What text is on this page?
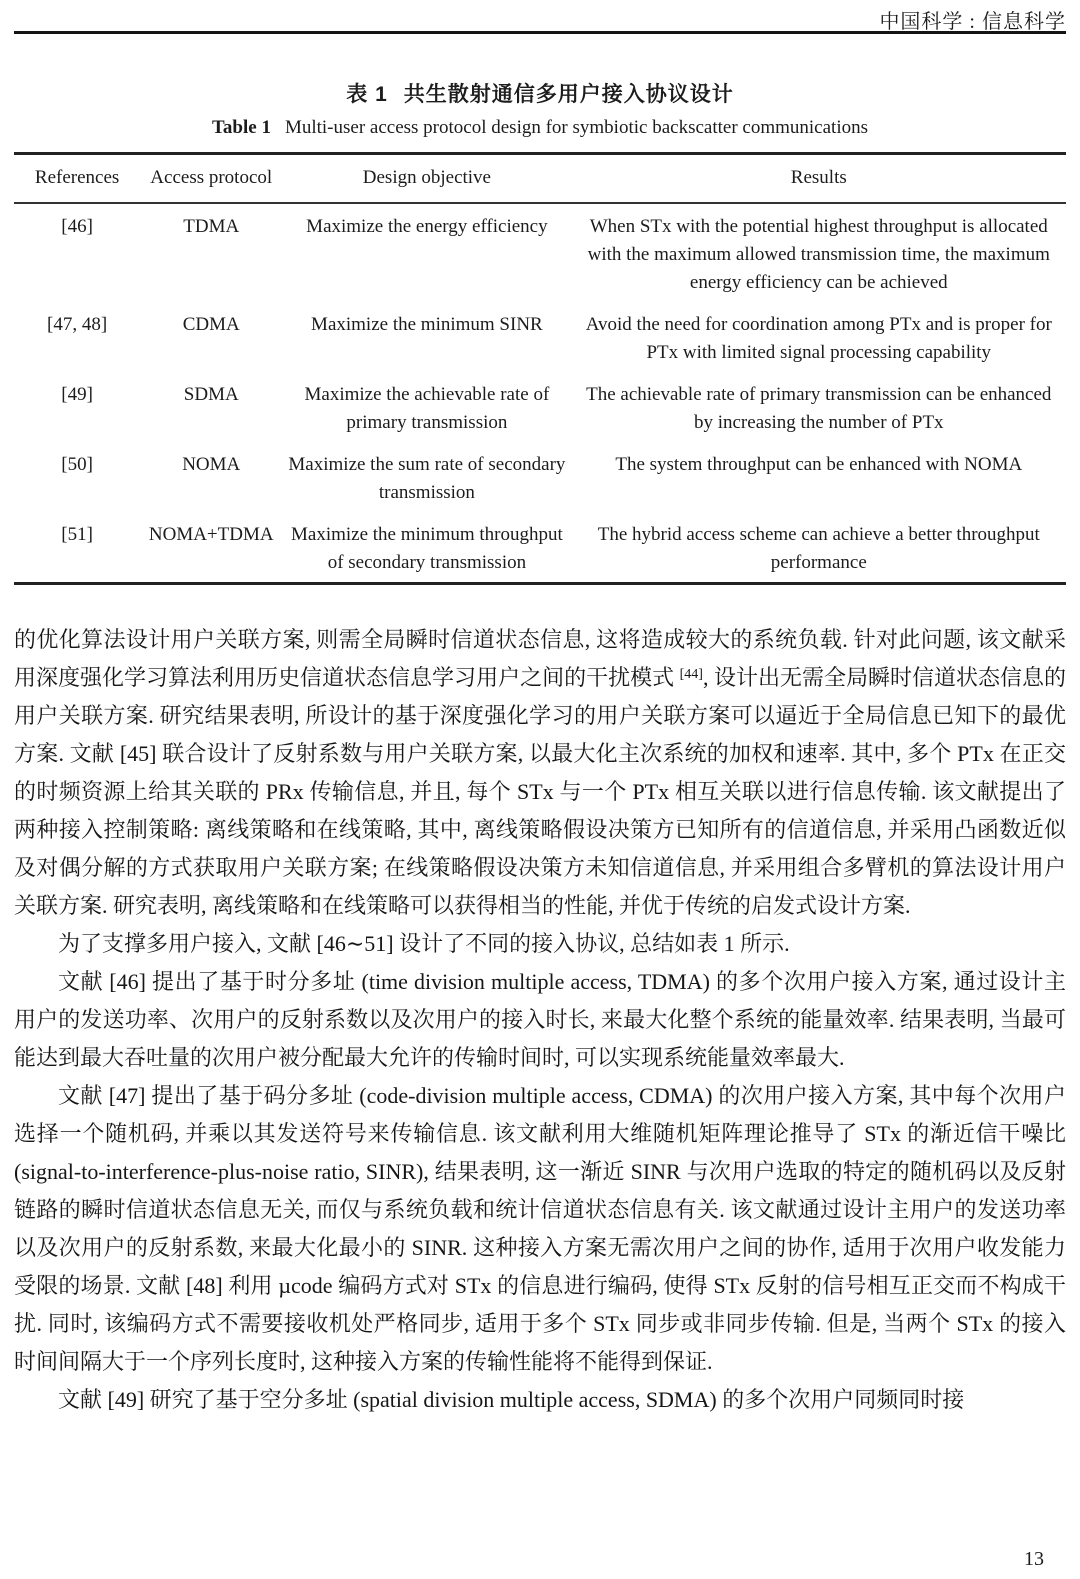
中国科学 : 信息科学
表 1 共生散射通信多用户接入协议设计
Table 1 Multi-user access protocol design for symbiotic backscatter communications
References	Access protocol	Design objective	Results
[46]	TDMA	Maximize the energy efficiency	When STx with the potential highest throughput is allocated with the maximum allowed transmission time, the maximum energy efficiency can be achieved
[47, 48]	CDMA	Maximize the minimum SINR	Avoid the need for coordination among PTx and is proper for PTx with limited signal processing capability
[49]	SDMA	Maximize the achievable rate of primary transmission	The achievable rate of primary transmission can be enhanced by increasing the number of PTx
[50]	NOMA	Maximize the sum rate of secondary transmission	The system throughput can be enhanced with NOMA
[51]	NOMA+TDMA	Maximize the minimum throughput of secondary transmission	The hybrid access scheme can achieve a better throughput performance

的优化算法设计用户关联方案, 则需全局瞬时信道状态信息, 这将造成较大的系统负载. 针对此问题, 该文献采用深度强化学习算法利用历史信道状态信息学习用户之间的干扰模式 [44], 设计出无需全局瞬时信道状态信息的用户关联方案. 研究结果表明, 所设计的基于深度强化学习的用户关联方案可以逼近于全局信息已知下的最优方案. 文献 [45] 联合设计了反射系数与用户关联方案, 以最大化主次系统的加权和速率. 其中, 多个 PTx 在正交的时频资源上给其关联的 PRx 传输信息, 并且, 每个 STx 与一个 PTx 相互关联以进行信息传输. 该文献提出了两种接入控制策略: 离线策略和在线策略, 其中, 离线策略假设决策方已知所有的信道信息, 并采用凸函数近似及对偶分解的方式获取用户关联方案; 在线策略假设决策方未知信道信息, 并采用组合多臂机的算法设计用户关联方案. 研究表明, 离线策略和在线策略可以获得相当的性能, 并优于传统的启发式设计方案.

为了支撑多用户接入, 文献 [46∼51] 设计了不同的接入协议, 总结如表 1 所示.

文献 [46] 提出了基于时分多址 (time division multiple access, TDMA) 的多个次用户接入方案, 通过设计主用户的发送功率、次用户的反射系数以及次用户的接入时长, 来最大化整个系统的能量效率. 结果表明, 当最可能达到最大吞吐量的次用户被分配最大允许的传输时间时, 可以实现系统能量效率最大.

文献 [47] 提出了基于码分多址 (code-division multiple access, CDMA) 的次用户接入方案, 其中每个次用户选择一个随机码, 并乘以其发送符号来传输信息. 该文献利用大维随机矩阵理论推导了 STx 的渐近信干噪比 (signal-to-interference-plus-noise ratio, SINR), 结果表明, 这一渐近 SINR 与次用户选取的特定的随机码以及反射链路的瞬时信道状态信息无关, 而仅与系统负载和统计信道状态信息有关. 该文献通过设计主用户的发送功率以及次用户的反射系数, 来最大化最小的 SINR. 这种接入方案无需次用户之间的协作, 适用于次用户收发能力受限的场景. 文献 [48] 利用 µcode 编码方式对 STx 的信息进行编码, 使得 STx 反射的信号相互正交而不构成干扰. 同时, 该编码方式不需要接收机处严格同步, 适用于多个 STx 同步或非同步传输. 但是, 当两个 STx 的接入时间间隔大于一个序列长度时, 这种接入方案的传输性能将不能得到保证.

文献 [49] 研究了基于空分多址 (spatial division multiple access, SDMA) 的多个次用户同频同时接

13
